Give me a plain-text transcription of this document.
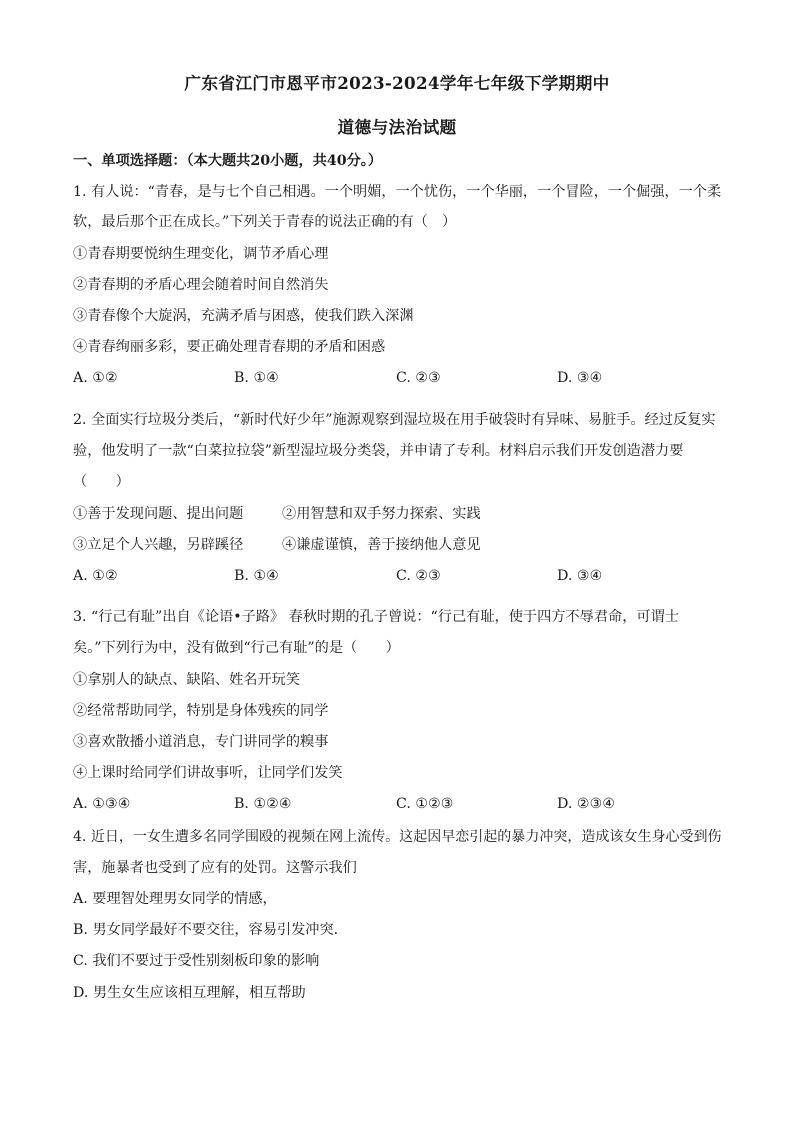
广东省江门市恩平市2023-2024学年七年级下学期期中
道德与法治试题
一、单项选择题：（本大题共20小题，共40分。）
1. 有人说：“青春，是与七个自己相遇。一个明媚，一个忧伤，一个华丽，一个冒险，一个倔强，一个柔
软，最后那个正在成长。”下列关于青春的说法正确的有（　）
①青春期要悦纳生理变化，调节矛盾心理
②青春期的矛盾心理会随着时间自然消失
③青春像个大旋涡，充满矛盾与困惑，使我们跌入深渊
④青春绚丽多彩，要正确处理青春期的矛盾和困惑
A. ①②	B. ①④	C. ②③	D. ③④
2. 全面实行垃圾分类后，“新时代好少年”施源观察到湿垃圾在用手破袋时有异味、易脏手。经过反复实
验，他发明了一款“白菜拉拉袋”新型湿垃圾分类袋，并申请了专利。材料启示我们开发创造潜力要
（　　）
①善于发现问题、提出问题	②用智慧和双手努力探索、实践
③立足个人兴趣，另辟蹊径	④谦虚谨慎，善于接纳他人意见
A. ①②	B. ①④	C. ②③	D. ③④
3. “行己有耻”出自《论语•子路》 春秋时期的孔子曾说：“行己有耻，使于四方不辱君命，可谓士
矣。”下列行为中，没有做到“行己有耻”的是（　　）
①拿别人的缺点、缺陷、姓名开玩笑
②经常帮助同学，特别是身体残疾的同学
③喜欢散播小道消息，专门讲同学的糗事
④上课时给同学们讲故事听，让同学们发笑
A. ①③④	B. ①②④	C. ①②③	D. ②③④
4. 近日，一女生遭多名同学围殴的视频在网上流传。这起因早恋引起的暴力冲突，造成该女生身心受到伤
害，施暴者也受到了应有的处罚。这警示我们
A. 要理智处理男女同学的情感，
B. 男女同学最好不要交往，容易引发冲突.
C. 我们不要过于受性别刻板印象的影响
D. 男生女生应该相互理解，相互帮助
